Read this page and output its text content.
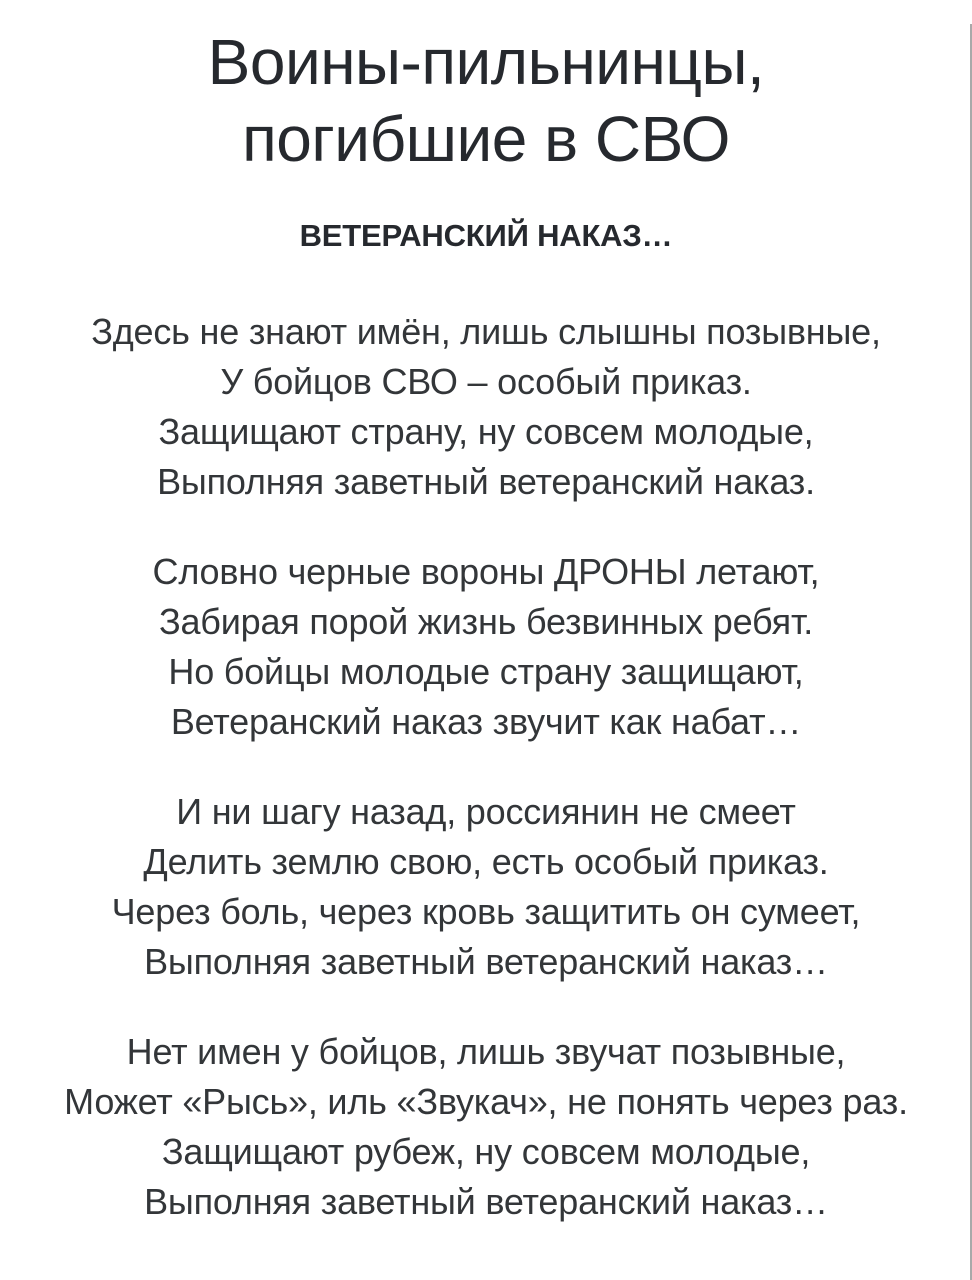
Воины-пильнинцы,
погибшие в СВО
ВЕТЕРАНСКИЙ НАКАЗ…

Здесь не знают имён, лишь слышны позывные,

У бойцов СВО – особый приказ.

Защищают страну, ну совсем молодые,

Выполняя заветный ветеранский наказ.

Словно черные вороны ДРОНЫ летают,

Забирая порой жизнь безвинных ребят.

Но бойцы молодые страну защищают,

Ветеранский наказ звучит как набат…

И ни шагу назад, россиянин не смеет

Делить землю свою, есть особый приказ.

Через боль, через кровь защитить он сумеет,

Выполняя заветный ветеранский наказ…

Нет имен у бойцов, лишь звучат позывные,

Может «Рысь», иль «Звукач», не понять через раз.

Защищают рубеж, ну совсем молодые,

Выполняя заветный ветеранский наказ…
